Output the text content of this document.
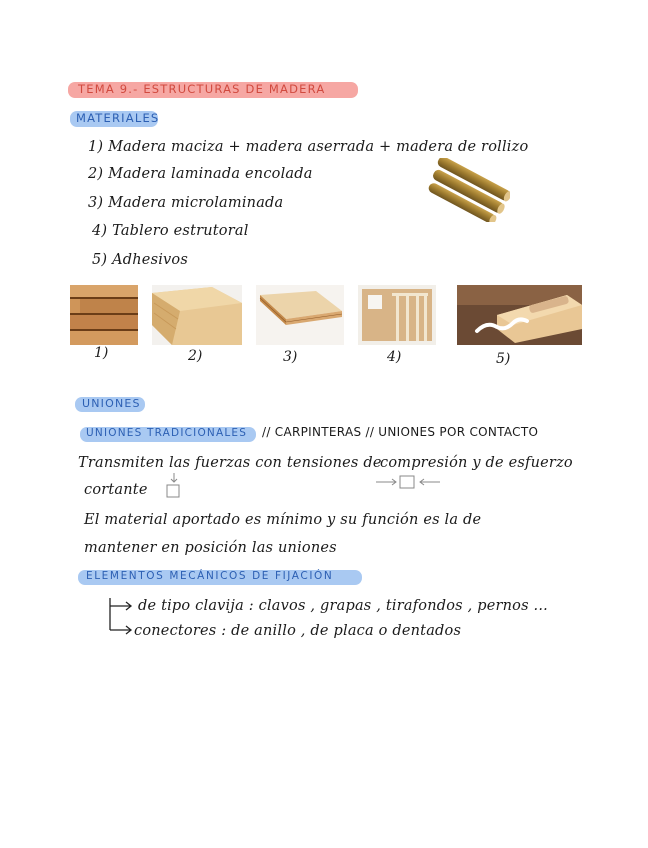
TEMA 9.- ESTRUCTURAS DE MADERA
MATERIALES
1) Madera maciza + madera aserrada + madera de rollizo
2) Madera laminada encolada
3) Madera microlaminada
4) Tablero estrutoral
5) Adhesivos
1)	2)	3)	4)	5)
UNIONES
UNIONES TRADICIONALES // CARPINTERAS // UNIONES POR CONTACTO
Transmiten las fuerzas con tensiones de
compresión y de esfuerzo
cortante
El material aportado es mínimo y su función es la de
mantener en posición las uniones
ELEMENTOS MECÁNICOS DE FIJACIÓN
de tipo clavija : clavos , grapas , tirafondos , pernos ...
conectores : de anillo , de placa o dentados
